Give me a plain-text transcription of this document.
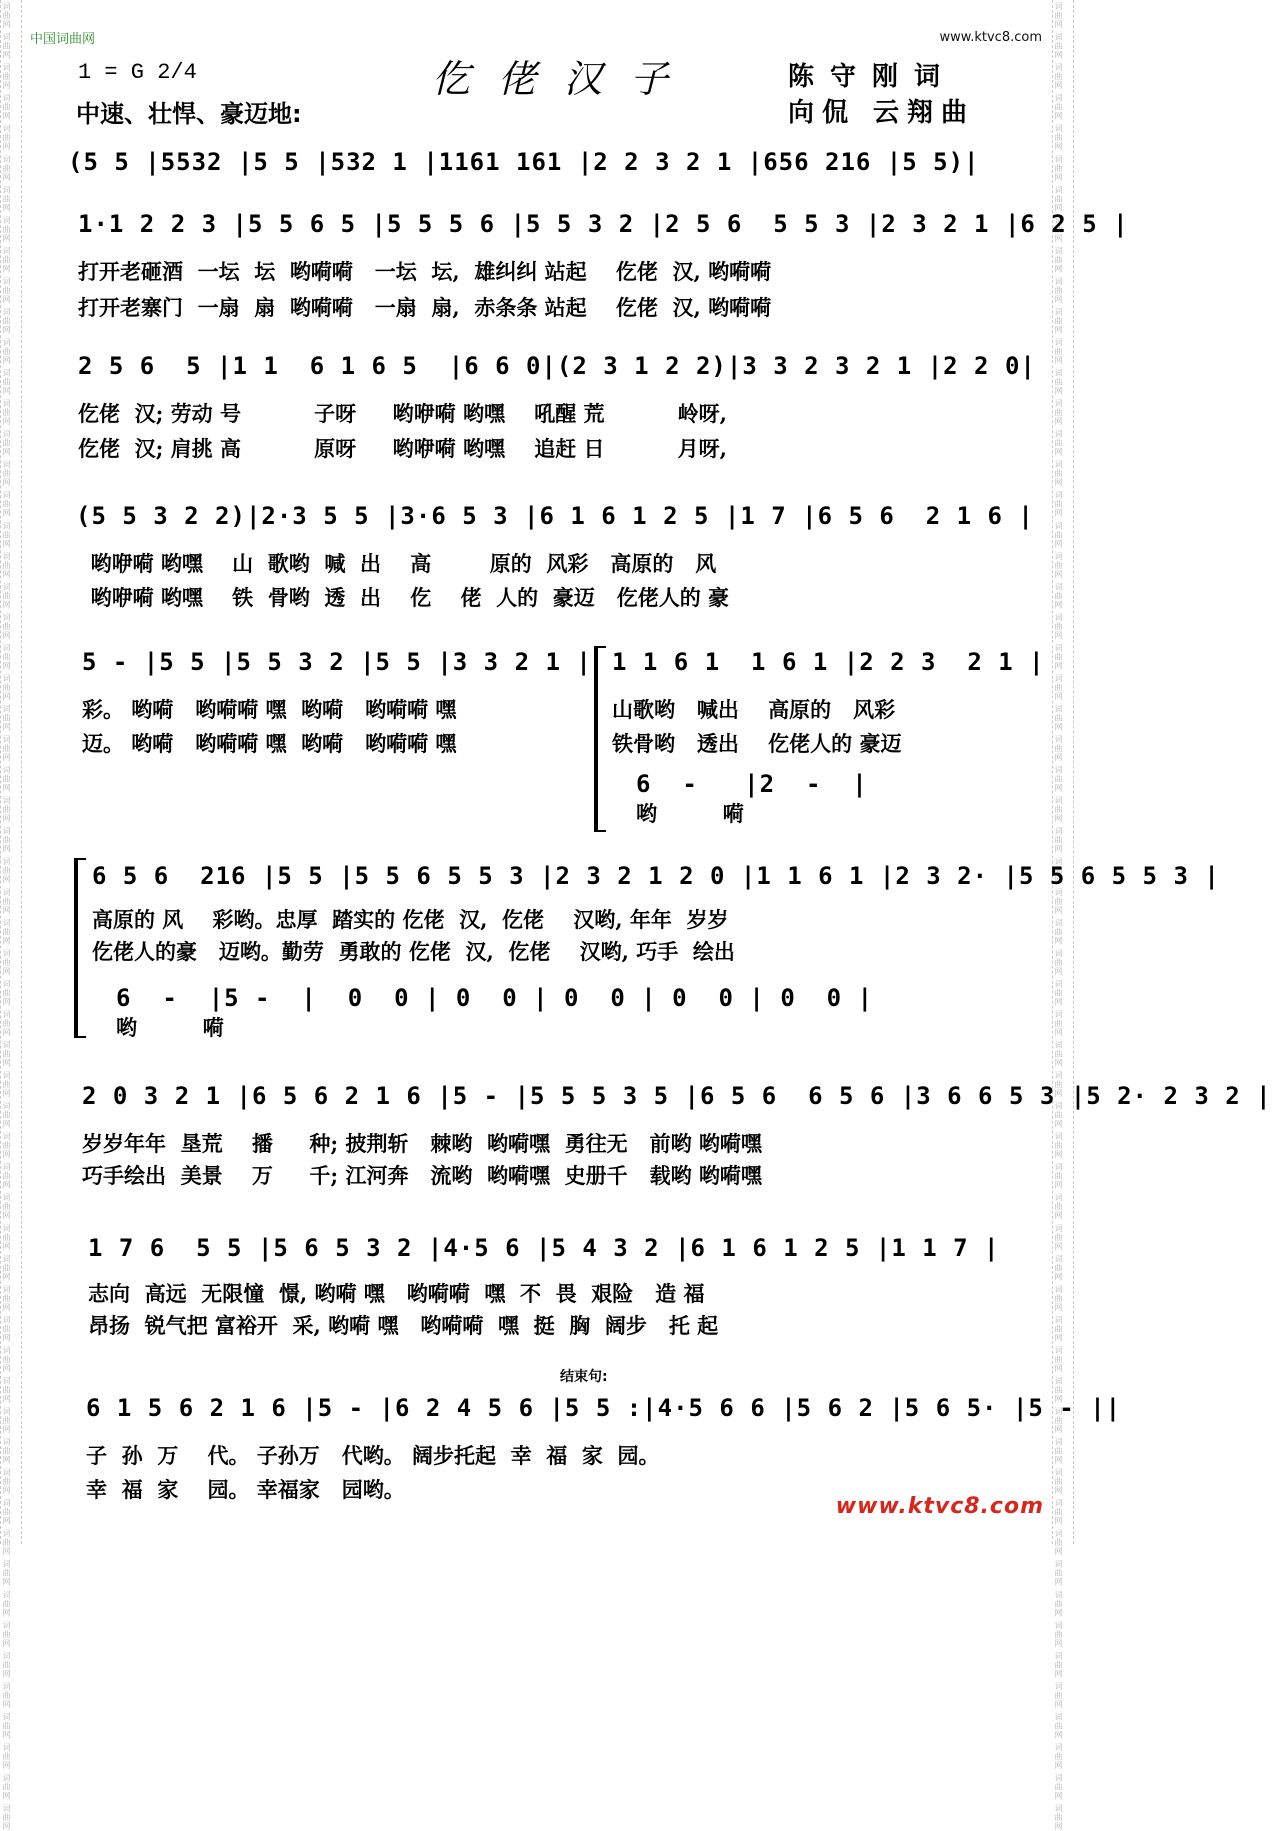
词曲网 词曲网 词曲网 词曲网 词曲网 词曲网 词曲网 词曲网 词曲网 词曲网 词曲网 词曲网 词曲网 词曲网 词曲网 词曲网 词曲网 词曲网 词曲网 词曲网 词曲网 词曲网 词曲网 词曲网 词曲网 词曲网 词曲网 词曲网 词曲网 词曲网 词曲网 词曲网 词曲网 词曲网 词曲网 词曲网 词曲网 词曲网 词曲网 词曲网 词曲网 词曲网 词曲网 词曲网 词曲网 词曲网 词曲网 词曲网 词曲网 词曲网 词曲网 词曲网 词曲网 词曲网 词曲网 词曲网 词曲网 词曲网 词曲网 词曲网	词曲网 词曲网 词曲网 词曲网 词曲网 词曲网 词曲网 词曲网 词曲网 词曲网 词曲网 词曲网 词曲网 词曲网 词曲网 词曲网 词曲网 词曲网 词曲网 词曲网 词曲网 词曲网 词曲网 词曲网 词曲网 词曲网 词曲网 词曲网 词曲网 词曲网 词曲网 词曲网 词曲网 词曲网 词曲网 词曲网 词曲网 词曲网 词曲网 词曲网 词曲网 词曲网 词曲网 词曲网 词曲网 词曲网 词曲网 词曲网 词曲网 词曲网 词曲网 词曲网 词曲网 词曲网 词曲网 词曲网 词曲网 词曲网 词曲网 词曲网
中国词曲网	www.ktvc8.com
仡佬汉子
1 = G 2/4
中速、壮悍、豪迈地:
陈守刚词
向侃 云翔曲
(5 5 |5532 |5 5 |532 1 |1161 161 |2 2 3 2 1 |656 216 |5 5)|
1·1 2 2 3 |5 5 6 5 |5 5 5 6 |5 5 3 2 |2 5 6  5 5 3 |2 3 2 1 |6 2 5 |
打开老砸酒  一坛  坛  哟嗬嗬   一坛  坛,  雄纠纠 站起    仡佬  汉, 哟嗬嗬
打开老寨门  一扇  扇  哟嗬嗬   一扇  扇,  赤条条 站起    仡佬  汉, 哟嗬嗬
2 5 6  5 |1 1  6 1 6 5  |6 6 0|(2 3 1 2 2)|3 3 2 3 2 1 |2 2 0|
仡佬  汉; 劳动 号          子呀     哟咿嗬 哟嘿    吼醒 荒          岭呀,
仡佬  汉; 肩挑 高          原呀     哟咿嗬 哟嘿    追赶 日          月呀,
(5 5 3 2 2)|2·3 5 5 |3·6 5 3 |6 1 6 1 2 5 |1 7 |6 5 6  2 1 6 |
哟咿嗬 哟嘿    山  歌哟  喊  出    高        原的  风彩   高原的   风
哟咿嗬 哟嘿    铁  骨哟  透  出    仡    佬  人的  豪迈   仡佬人的 豪
5 - |5 5 |5 5 3 2 |5 5 |3 3 2 1 |
彩。 哟嗬   哟嗬嗬 嘿  哟嗬   哟嗬嗬 嘿
迈。 哟嗬   哟嗬嗬 嘿  哟嗬   哟嗬嗬 嘿
1 1 6 1  1 6 1 |2 2 3  2 1 |
山歌哟   喊出    高原的   风彩
铁骨哟   透出    仡佬人的 豪迈
6  -   |2  -  |
哟         嗬
6 5 6  216 |5 5 |5 5 6 5 5 3 |2 3 2 1 2 0 |1 1 6 1 |2 3 2· |5 5 6 5 5 3 |
高原的 风    彩哟。忠厚  踏实的 仡佬  汉,  仡佬    汉哟, 年年  岁岁
仡佬人的豪   迈哟。勤劳  勇敢的 仡佬  汉,  仡佬    汉哟, 巧手  绘出
6  -  |5 -  |  0  0 | 0  0 | 0  0 | 0  0 | 0  0 |
哟         嗬
2 0 3 2 1 |6 5 6 2 1 6 |5 - |5 5 5 3 5 |6 5 6  6 5 6 |3 6 6 5 3 |5 2· 2 3 2 |
岁岁年年  垦荒    播     种; 披荆斩   棘哟  哟嗬嘿  勇往无   前哟 哟嗬嘿
巧手绘出  美景    万     千; 江河奔   流哟  哟嗬嘿  史册千   载哟 哟嗬嘿
1 7 6  5 5 |5 6 5 3 2 |4·5 6 |5 4 3 2 |6 1 6 1 2 5 |1 1 7 |
志向  高远  无限憧  憬, 哟嗬 嘿   哟嗬嗬  嘿  不  畏  艰险   造 福
昂扬  锐气把 富裕开  采, 哟嗬 嘿   哟嗬嗬  嘿  挺  胸  阔步   托 起
结束句:
6 1 5 6 2 1 6 |5 - |6 2 4 5 6 |5 5 :|4·5 6 6 |5 6 2 |5 6 5· |5 - ||
子  孙  万    代。 子孙万   代哟。 阔步托起  幸  福  家  园。
幸  福  家    园。 幸福家   园哟。
www.ktvc8.com
